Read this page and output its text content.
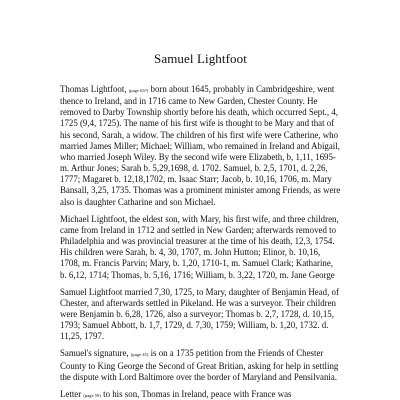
Samuel Lightfoot

Thomas Lightfoot, (page 63?) born about 1645, probably in Cambridgeshire, went thence to Ireland, and in 1716 came to New Garden, Chester County. He removed to Darby Township shortly before his death, which occurred Sept., 4, 1725 (9,4, 1725). The name of his first wife is thought to be Mary and that of his second, Sarah, a widow. The children of his first wife were Catherine, who married James Miller; Michael; William, who remained in Ireland and Abigail, who married Joseph Wiley. By the second wife were Elizabeth, b, 1,11, 1695-m. Arthur Jones; Sarah b. 5,29,1698, d. 1702. Samuel, b. 2,5, 1701, d. 2,26, 1777; Magaret b. 12,18,1702, m. Isaac Starr; Jacob, b. 10,16, 1706, m. Mary Bansall, 3,25, 1735. Thomas was a prominent minister among Friends, as were also is daughter Catharine and son Michael.

Michael Lightfoot, the eldest son, with Mary, his first wife, and three children, came from Ireland in 1712 and settled in New Garden; afterwards removed to Philadelphia and was provincial treasurer at the time of his death, 12,3, 1754. His children were Sarah, b. 4, 30, 1707, m. John Hutton; Elinor, b. 10,16, 1708, m. Francis Parvin; Mary, b. 1,20, 1710-1, m. Samuel Clark; Katharine, b. 6,12, 1714; Thomas, b. 5,16, 1716; William, b. 3,22, 1720, m. Jane George

Samuel Lightfoot married 7,30, 1725, to Mary, daughter of Benjamin Head, of Chester, and afterwards settled in Pikeland. He was a surveyor. Their children were Benjamin b. 6,28, 1726, also a surveyor; Thomas b. 2,7, 1728, d. 10,15, 1793; Samuel Abbott, b. 1,7, 1729, d. 7,30, 1759; William, b. 1,20, 1732. d. 11,25, 1797.

Samuel's signature, (page 45) is on a 1735 petition from the Friends of Chester County to King George the Second of Great Britian, asking for help in settling the dispute with Lord Baltimore over the border of Maryland and Pensilvania.

Letter (page 59) to his son, Thomas in Ireland, peace with France was
